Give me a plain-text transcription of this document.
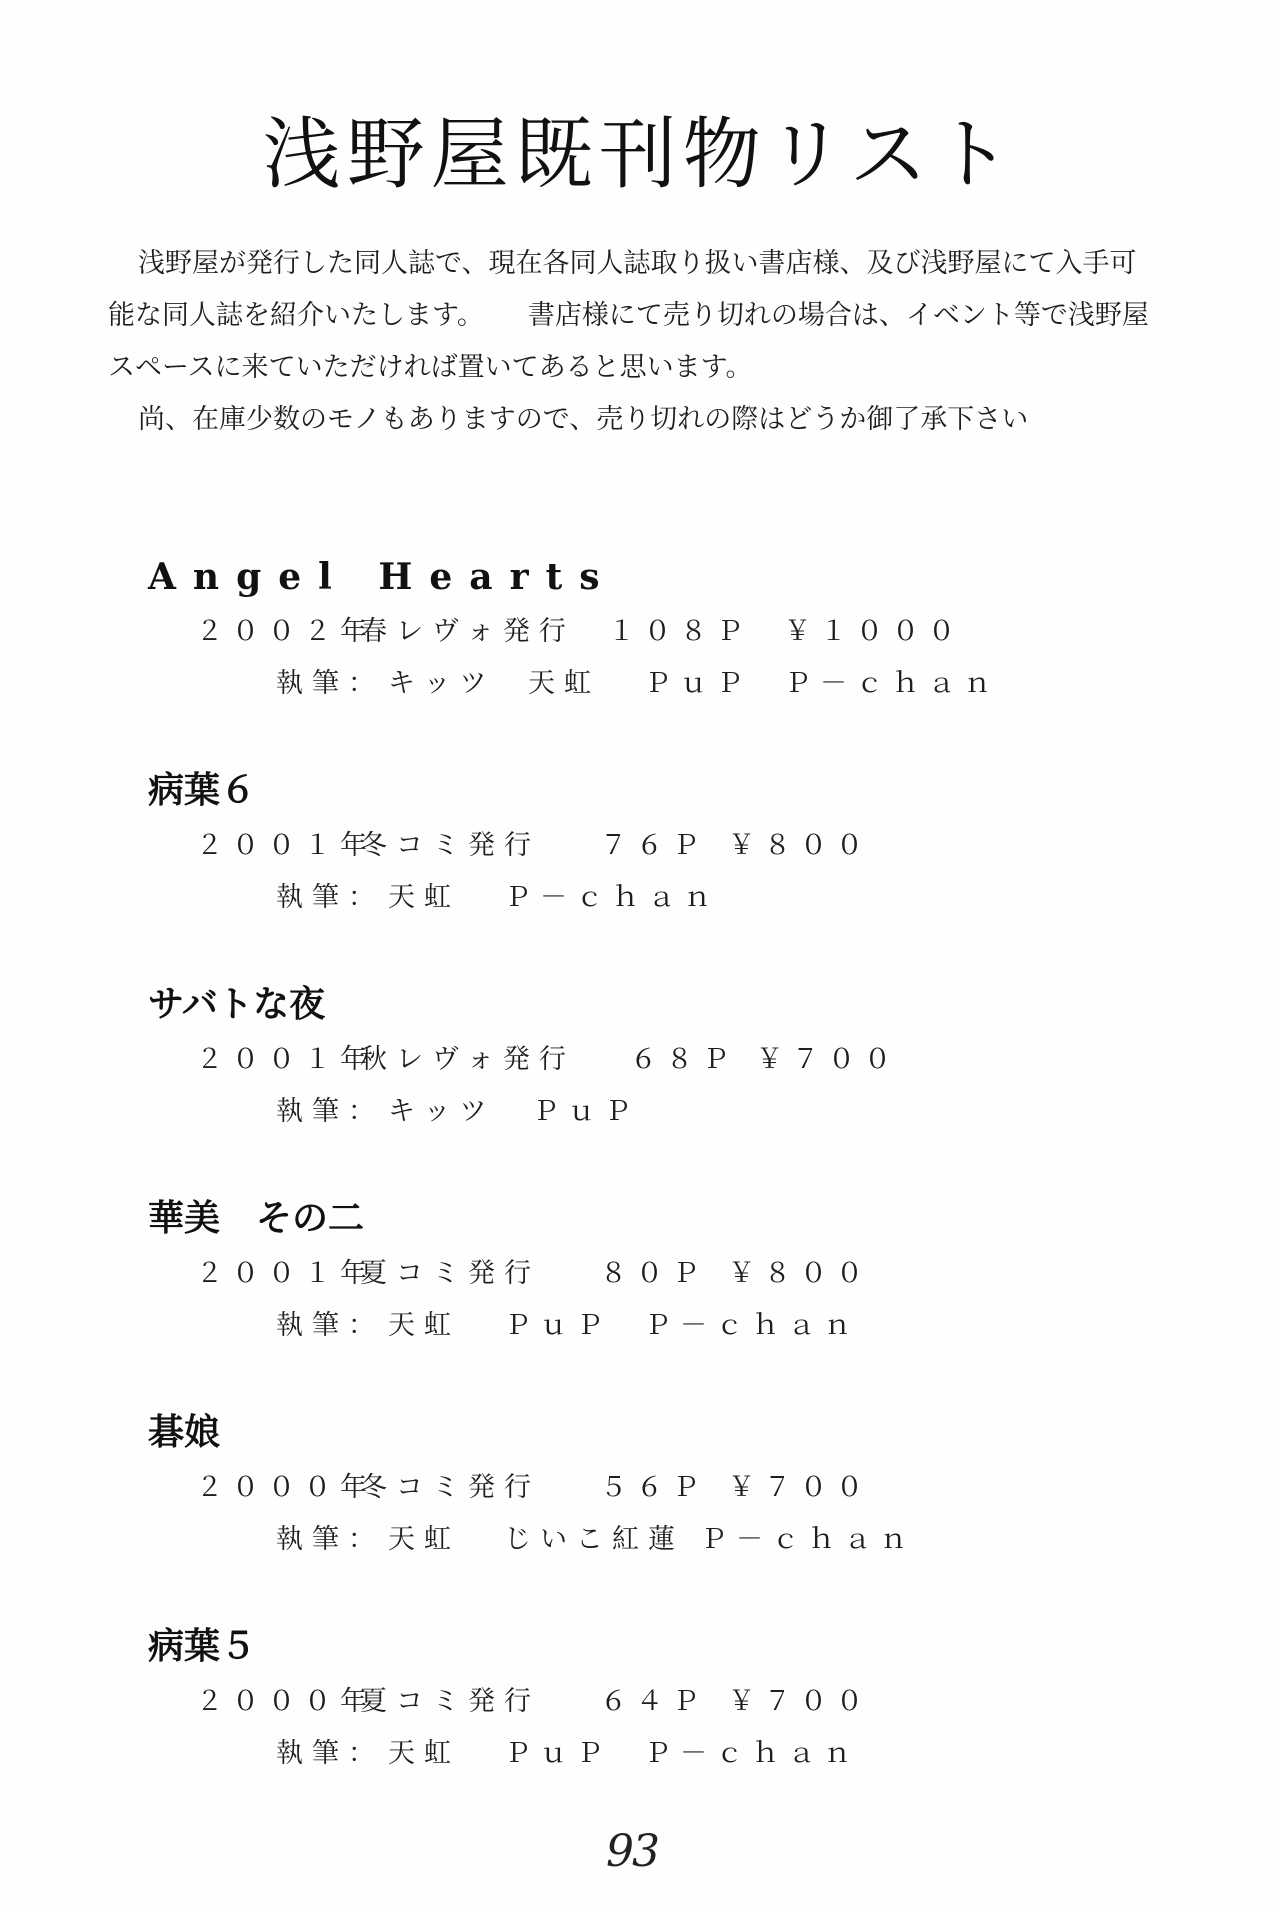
浅野屋既刊物リスト

浅野屋が発行した同人誌で、現在各同人誌取り扱い書店様、及び浅野屋にて入手可

能な同人誌を紹介いたします。 書店様にて売り切れの場合は、イベント等で浅野屋

スペースに来ていただければ置いてあると思います。

尚、在庫少数のモノもありますので、売り切れの際はどうか御了承下さい

Angel Hearts
２００２年
春レヴォ発行 １０８Ｐ ￥１０００
執筆： キッツ 天虹 ＰｕＰ Ｐ－ｃｈａｎ
病葉６
２００１年
冬コミ発行	７６Ｐ ￥８００
執筆： 天虹 Ｐ－ｃｈａｎ
サバトな夜
２００１年
秋レヴォ発行	６８Ｐ ￥７００
執筆： キッツ ＰｕＰ
華美　その二
２００１年
夏コミ発行	８０Ｐ ￥８００
執筆： 天虹 ＰｕＰ Ｐ－ｃｈａｎ
碁娘
２０００年
冬コミ発行	５６Ｐ ￥７００
執筆： 天虹 じいこ紅蓮 Ｐ－ｃｈａｎ
病葉５
２０００年
夏コミ発行	６４Ｐ ￥７００
執筆： 天虹 ＰｕＰ Ｐ－ｃｈａｎ
93
